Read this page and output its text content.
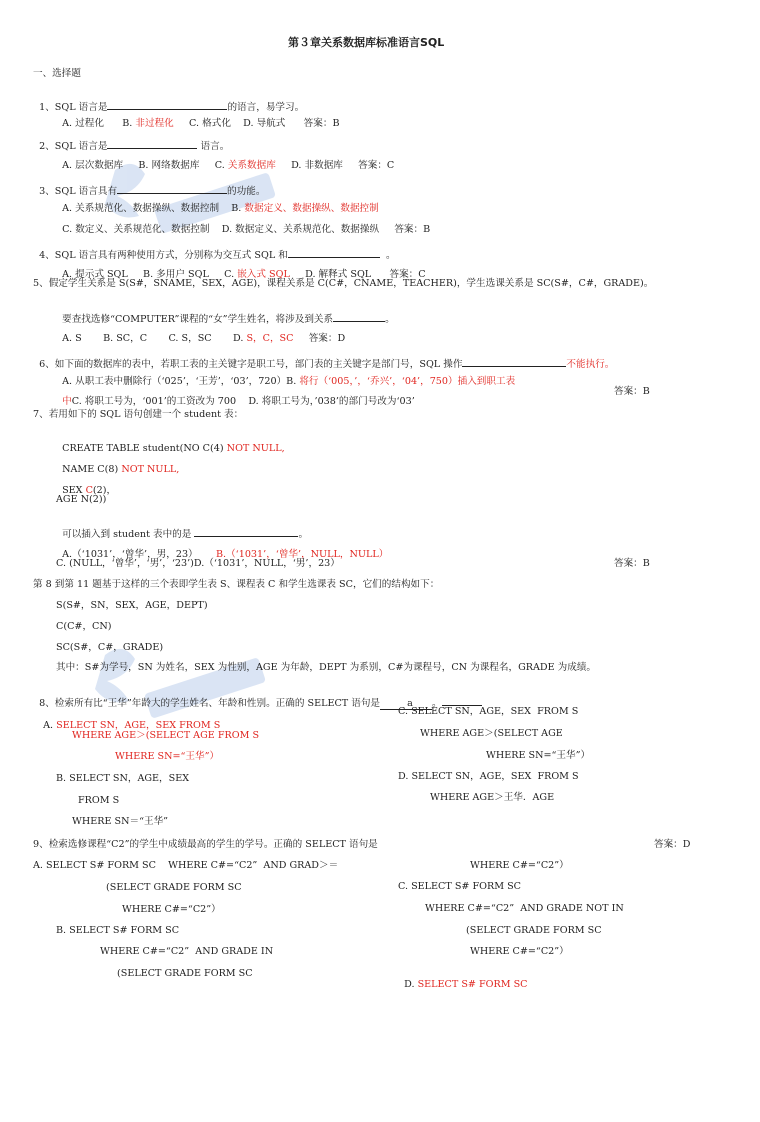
第３章关系数据库标准语言SQL
一、选择题

1、SQL 语言是	的语言，易学习。

A. 过程化 B. 非过程化 C. 格式化 D. 导航式 答案：B

2、SQL 语言是	语言。

A. 层次数据库 B. 网络数据库 C. 关系数据库 D. 非数据库 答案：C

3、SQL 语言具有	的功能。

A. 关系规范化、数据操纵、数据控制 B. 数据定义、数据操纵、数据控制

C. 数定义、关系规范化、数据控制 D. 数据定义、关系规范化、数据操纵 答案：B

4、SQL 语言具有两种使用方式，分别称为交互式 SQL 和	。

A. 提示式 SQL B. 多用户 SQL C. 嵌入式 SQL D. 解释式 SQL 答案：C

5、假定学生关系是 S(S#，SNAME，SEX，AGE)，课程关系是 C(C#，CNAME，TEACHER)，学生选课关系是 SC(S#，C#，GRADE)。

要查找选修“COMPUTER”课程的“女”学生姓名，将涉及到关系	。

A. S B. SC，C C. S，SC D. S，C，SC 答案：D

6、如下面的数据库的表中，若职工表的主关键字是职工号，部门表的主关键字是部门号，SQL 操作	不能执行。

A. 从职工表中删除行（‘025’，‘王芳’，‘03’，720）B. 将行（‘005，’，‘乔兴’，‘04’，750）插入到职工表

中C. 将职工号为，‘001’的工资改为 700 D. 将职工号为，’038’的部门号改为‘03’

答案：B
7、若用如下的 SQL 语句创建一个 student 表：

CREATE TABLE student(NO C(4) NOT NULL,

NAME C(8) NOT NULL,

SEX C(2)，

AGE N(2))

可以插入到 student 表中的是	。

A.（‘1031’，‘曾华’，男，23） B.（‘1031’，‘曾华’，NULL，NULL）

C. (NULL，‘曾华’，‘男’，‘23’)D.（‘1031’，NULL，‘男’，23）	答案：B
第 8 到第 11 题基于这样的三个表即学生表 S、课程表 C 和学生选课表 SC，它们的结构如下：
S(S#，SN，SEX，AGE，DEPT)
C(C#，CN)
SC(S#，C#，GRADE)
其中：S#为学号，SN 为姓名，SEX 为性别，AGE 为年龄，DEPT 为系别，C#为课程号，CN 为课程名，GRADE 为成绩。

8、检索所有比“王华”年龄大的学生姓名、年龄和性别。正确的 SELECT 语句是	a 。

A. SELECT SN，AGE，SEX FROM S

WHERE AGE＞(SELECT AGE FROM S
WHERE SN=“王华”）
B. SELECT SN，AGE，SEX
FROM S
WHERE SN＝“王华”
C. SELECT SN，AGE，SEX  FROM S
WHERE AGE＞(SELECT AGE
WHERE SN=“王华”）
D. SELECT SN，AGE，SEX  FROM S
WHERE AGE＞王华．AGE
9、检索选修课程“C2”的学生中成绩最高的学生的学号。正确的 SELECT 语句是	答案：D
A. SELECT S# FORM SC    WHERE C#=“C2”  AND GRAD＞＝
(SELECT GRADE FORM SC
WHERE C#=“C2”）
B. SELECT S# FORM SC
WHERE C#=“C2”  AND GRADE IN
(SELECT GRADE FORM SC
WHERE C#=“C2”）
C. SELECT S# FORM SC
WHERE C#=“C2”  AND GRADE NOT IN
(SELECT GRADE FORM SC
WHERE C#=“C2”）

D. SELECT S# FORM SC
